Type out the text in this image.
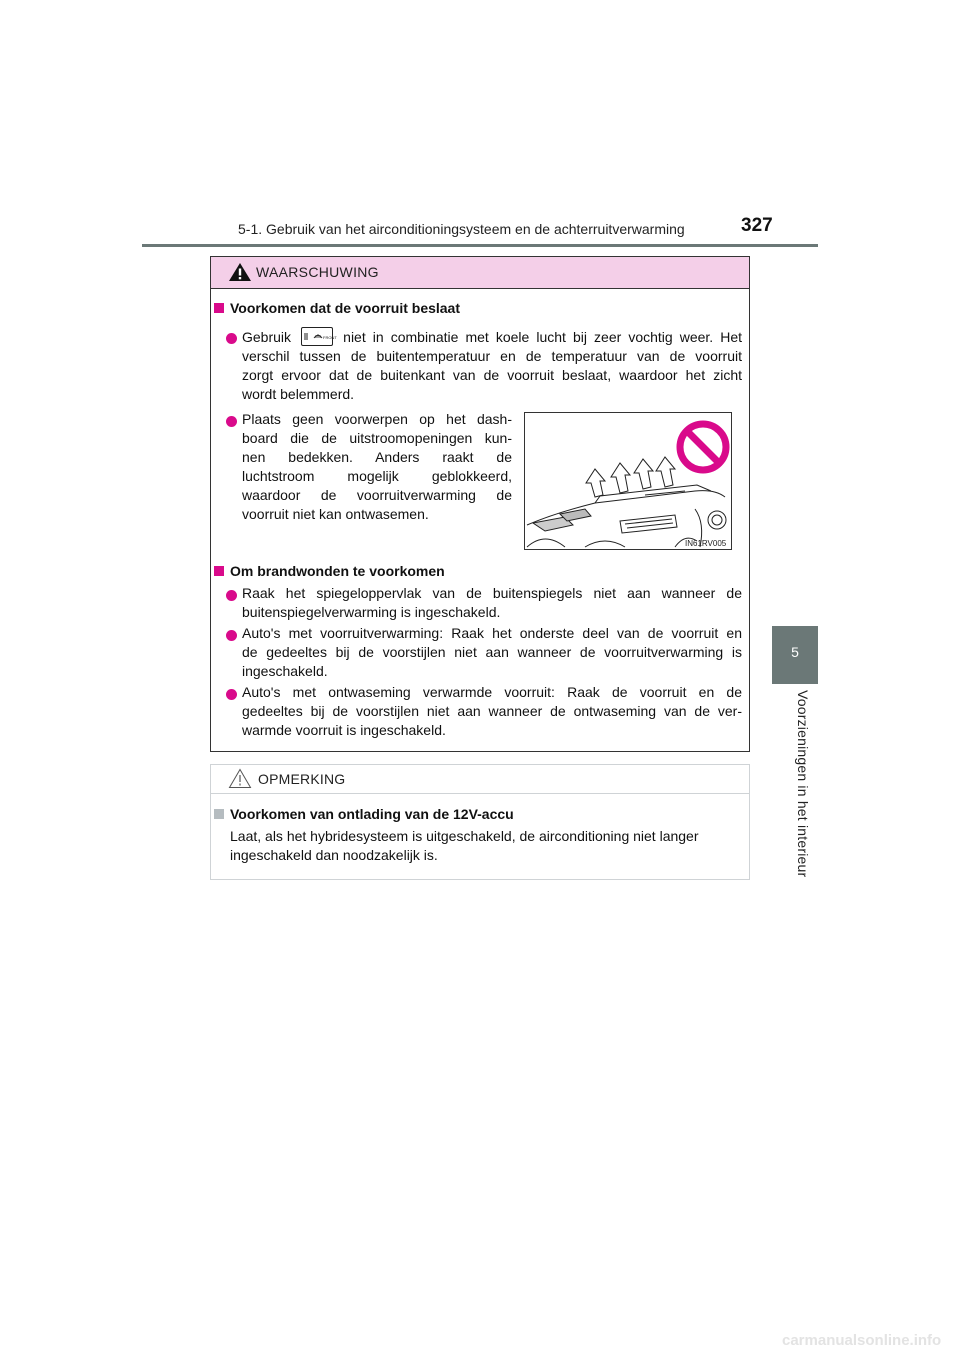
5-1. Gebruik van het airconditioningsysteem en de achterruitverwarming	327
5
Voorzieningen in het interieur
WAARSCHUWING
Voorkomen dat de voorruit beslaat
Gebruik	FRONT niet in combinatie met koele lucht bij zeer vochtig weer. Het
verschil tussen de buitentemperatuur en de temperatuur van de voorruit
zorgt ervoor dat de buitenkant van de voorruit beslaat, waardoor het zicht
wordt belemmerd.
Plaats geen voorwerpen op het dash-
board die de uitstroomopeningen kun-
nen bedekken. Anders raakt de
luchtstroom mogelijk geblokkeerd,
waardoor de voorruitverwarming de
voorruit niet kan ontwasemen.
IN61RV005
Om brandwonden te voorkomen
Raak het spiegeloppervlak van de buitenspiegels niet aan wanneer de
buitenspiegelverwarming is ingeschakeld.
Auto's met voorruitverwarming: Raak het onderste deel van de voorruit en
de gedeeltes bij de voorstijlen niet aan wanneer de voorruitverwarming is
ingeschakeld.
Auto's met ontwaseming verwarmde voorruit: Raak de voorruit en de
gedeeltes bij de voorstijlen niet aan wanneer de ontwaseming van de ver-
warmde voorruit is ingeschakeld.
OPMERKING
Voorkomen van ontlading van de 12V-accu
Laat, als het hybridesysteem is uitgeschakeld, de airconditioning niet langer
ingeschakeld dan noodzakelijk is.
carmanualsonline.info
